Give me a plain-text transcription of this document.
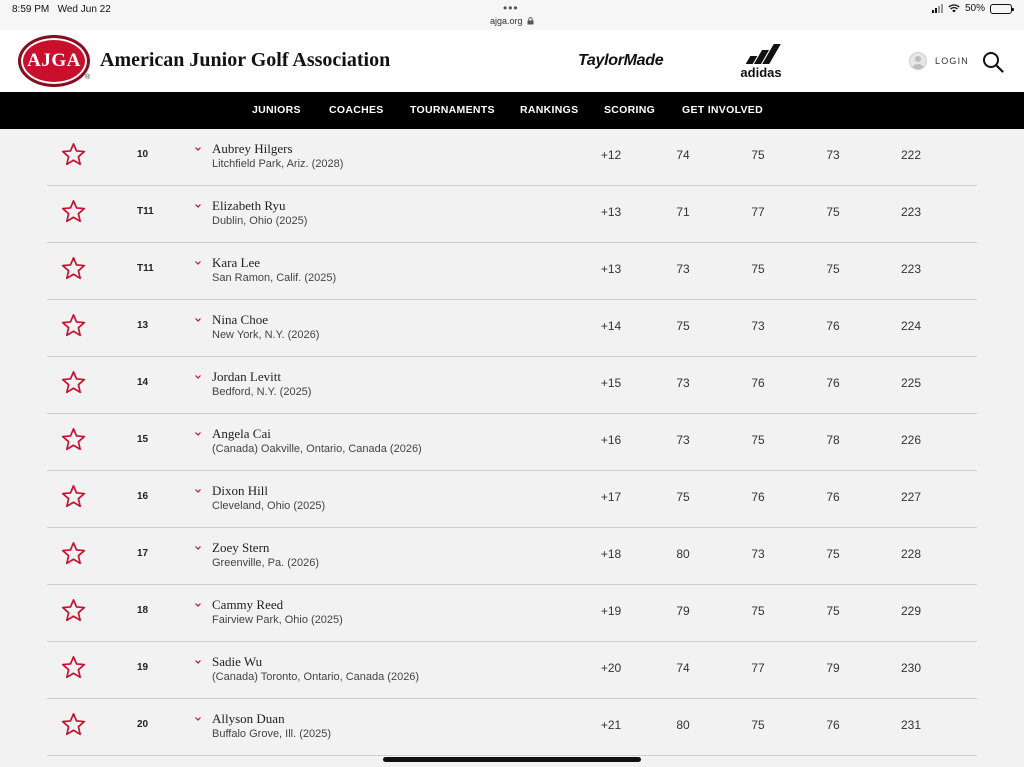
8:59 PM Wed Jun 22	•••
ajga.org
50%
AJGA
®
American Junior Golf Association	TaylorMade
adidas
LOGIN
JUNIORS	COACHES	TOURNAMENTS RANKINGS SCORING	GET INVOLVED
10	Aubrey Hilgers
Litchfield Park, Ariz. (2028)
+12	74	75	73	222
T11	Elizabeth Ryu
Dublin, Ohio (2025)
+13	71	77	75	223
T11	Kara Lee
San Ramon, Calif. (2025)
+13	73	75	75	223
13	Nina Choe
New York, N.Y. (2026)
+14	75	73	76	224
14	Jordan Levitt
Bedford, N.Y. (2025)
+15	73	76	76	225
15	Angela Cai
(Canada) Oakville, Ontario, Canada (2026)
+16	73	75	78	226
16	Dixon Hill
Cleveland, Ohio (2025)
+17	75	76	76	227
17	Zoey Stern
Greenville, Pa. (2026)
+18	80	73	75	228
18	Cammy Reed
Fairview Park, Ohio (2025)
+19	79	75	75	229
19	Sadie Wu
(Canada) Toronto, Ontario, Canada (2026)
+20	74	77	79	230
20	Allyson Duan
Buffalo Grove, Ill. (2025)
+21	80	75	76	231
